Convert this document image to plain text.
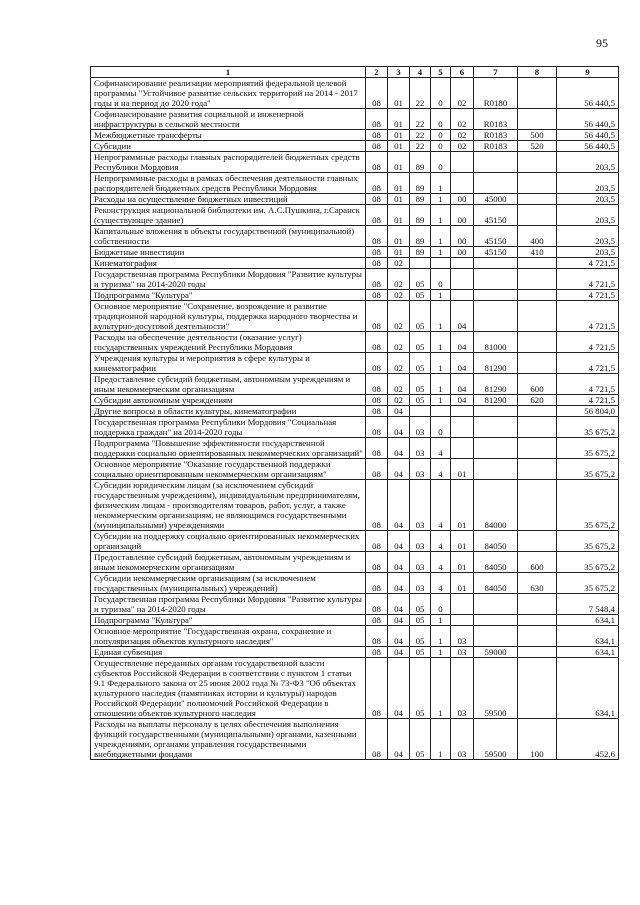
95
1	2	3	4	5	6	7	8	9
Софинансирование реализации мероприятий федеральной целевой программы "Устойчивое развитие сельских территорий на 2014 - 2017 годы и на период до 2020 года"	08	01	22	0	02	R0180		56 440,5
Софинансирование развития социальной и инженерной инфраструктуры в сельской местности	08	01	22	0	02	R0183		56 440,5
Межбюджетные трансферты	08	01	22	0	02	R0183	500	56 440,5
Субсидии	08	01	22	0	02	R0183	520	56 440,5
Непрограммные расходы главных распорядителей бюджетных средств Республики Мордовия	08	01	89	0				203,5
Непрограммные расходы в рамках обеспечения деятельности главных распорядителей бюджетных средств Республики Мордовия	08	01	89	1				203,5
Расходы на осуществление бюджетных инвестиций	08	01	89	1	00	45000		203,5
Реконструкция национальной библиотеки им. А.С.Пушкина, г.Саранск (существующее здание)	08	01	89	1	00	45150		203,5
Капитальные вложения в объекты государственной (муниципальной) собственности	08	01	89	1	00	45150	400	203,5
Бюджетные инвестиции	08	01	89	1	00	45150	410	203,5
Кинематография	08	02						4 721,5
Государственная программа Республики Мордовия "Развитие культуры и туризма" на 2014-2020 годы	08	02	05	0				4 721,5
Подпрограмма "Культура"	08	02	05	1				4 721,5
Основное мероприятие "Сохранение, возрождение и развитие традиционной народной культуры, поддержка народного творчества и культурно-досуговой деятельности"	08	02	05	1	04			4 721,5
Расходы на обеспечение деятельности (оказание услуг) государственных учреждений Республики Мордовия	08	02	05	1	04	81000		4 721,5
Учреждения культуры и мероприятия в сфере культуры и кинематографии	08	02	05	1	04	81290		4 721,5
Предоставление субсидий бюджетным, автономным учреждениям и иным некоммерческим организациям	08	02	05	1	04	81290	600	4 721,5
Субсидии автономным учреждениям	08	02	05	1	04	81290	620	4 721,5
Другие вопросы в области культуры, кинематографии	08	04						56 804,0
Государственная программа Республики Мордовия "Социальная поддержка граждан" на 2014-2020 годы	08	04	03	0				35 675,2
Подпрограмма "Повышение эффективности государственной поддержки социально ориентированных некоммерческих организаций"	08	04	03	4				35 675,2
Основное мероприятие "Оказание государственной поддержки социально ориентированным некоммерческим организациям"	08	04	03	4	01			35 675,2
Субсидии юридическим лицам (за исключением субсидий государственным учреждениям), индивидуальным предпринимателям, физическим лицам - производителям товаров, работ, услуг, а также некоммерческим организациям, не являющимся государственными (муниципальными) учреждениями	08	04	03	4	01	84000		35 675,2
Субсидии на поддержку социально ориентированных некоммерческих организаций	08	04	03	4	01	84050		35 675,2
Предоставление субсидий бюджетным, автономным учреждениям и иным некоммерческим организациям	08	04	03	4	01	84050	600	35 675,2
Субсидии некоммерческим организациям (за исключением государственных (муниципальных) учреждений)	08	04	03	4	01	84050	630	35 675,2
Государственная программа Республики Мордовия "Развитие культуры и туризма" на 2014-2020 годы	08	04	05	0				7 548,4
Подпрограмма "Культура"	08	04	05	1				634,1
Основное мероприятие "Государственная охрана, сохранение и популяризация объектов культурного наследия"	08	04	05	1	03			634,1
Единая субвенция	08	04	05	1	03	59000		634,1
Осуществление переданных органам государственной власти субъектов Российской Федерации в соответствии с пунктом 1 статьи 9.1 Федерального закона от 25 июня 2002 года № 73-ФЗ "Об объектах культурного наследия (памятниках истории и культуры) народов Российской Федерации" полномочий Российской Федерации в отношении объектов культурного наследия	08	04	05	1	03	59500		634,1
Расходы на выплаты персоналу в целях обеспечения выполнения функций государственными (муниципальными) органами, казенными учреждениями, органами управления государственными внебюджетными фондами	08	04	05	1	03	59500	100	452,6
